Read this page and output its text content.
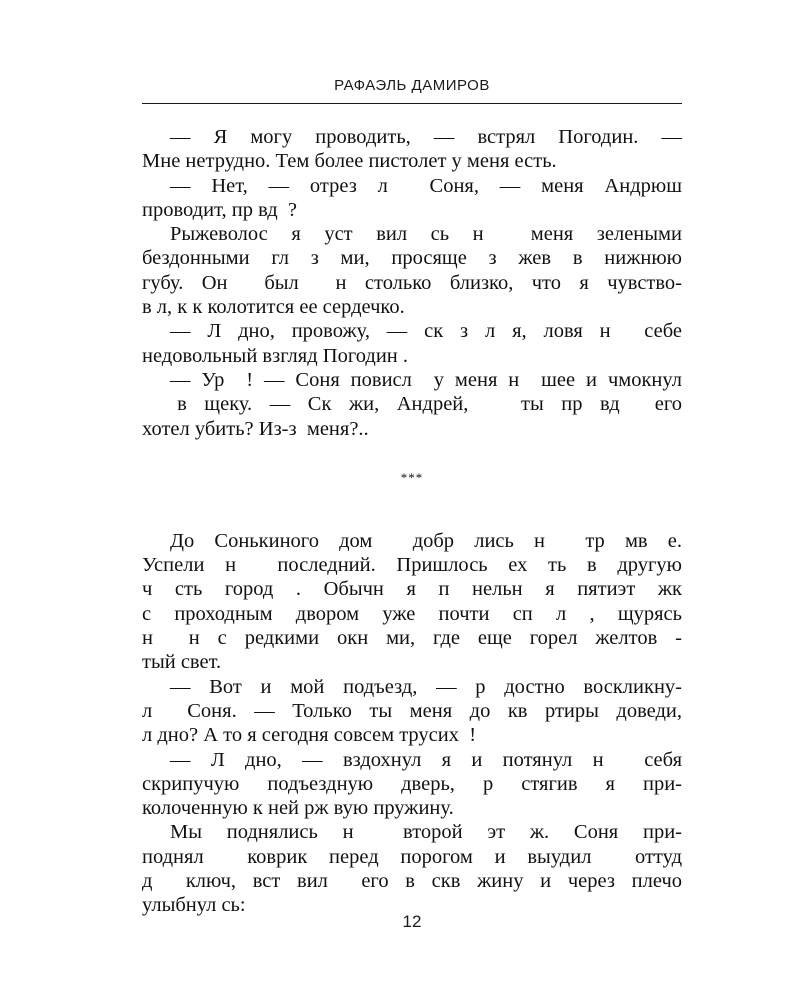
РАФАЭЛЬ ДАМИРОВ
— Я могу проводить, — встрял Погодин. —
Мне нетрудно. Тем более пистолет у меня есть.
— Нет, — отрез л  Соня, — меня Андрюш
проводит, пр вд  ?
Рыжеволос я уст вил сь н  меня зелеными
бездонными гл з ми, просяще з жев в нижнюю
губу. Он  был  н столько близко, что я чувство-
в л, к к колотится ее сердечко.
— Л дно, провожу, — ск з л я, ловя н  себе
недовольный взгляд Погодин .
— Ур  ! — Соня повисл  у меня н  шее и чмокнул
в щеку. — Ск жи, Андрей,   ты пр вд  его
хотел убить? Из-з  меня?..
***
До Сонькиного дом  добр лись н  тр мв е.
Успели н  последний. Пришлось ех ть в другую
ч сть город . Обычн я п нельн я пятиэт жк
с проходным двором уже почти сп л , щурясь
н  н с редкими окн ми, где еще горел желтов -
тый свет.
— Вот и мой подъезд, — р достно воскликну-
л  Соня. — Только ты меня до кв ртиры доведи,
л дно? А то я сегодня совсем трусих  !
— Л дно, — вздохнул я и потянул н  себя
скрипучую подъездную дверь, р стягив я при-
колоченную к ней рж вую пружину.
Мы поднялись н  второй эт ж. Соня при-
поднял  коврик перед порогом и выудил  оттуд
д  ключ, вст вил  его в скв жину и через плечо
улыбнул сь:
12
